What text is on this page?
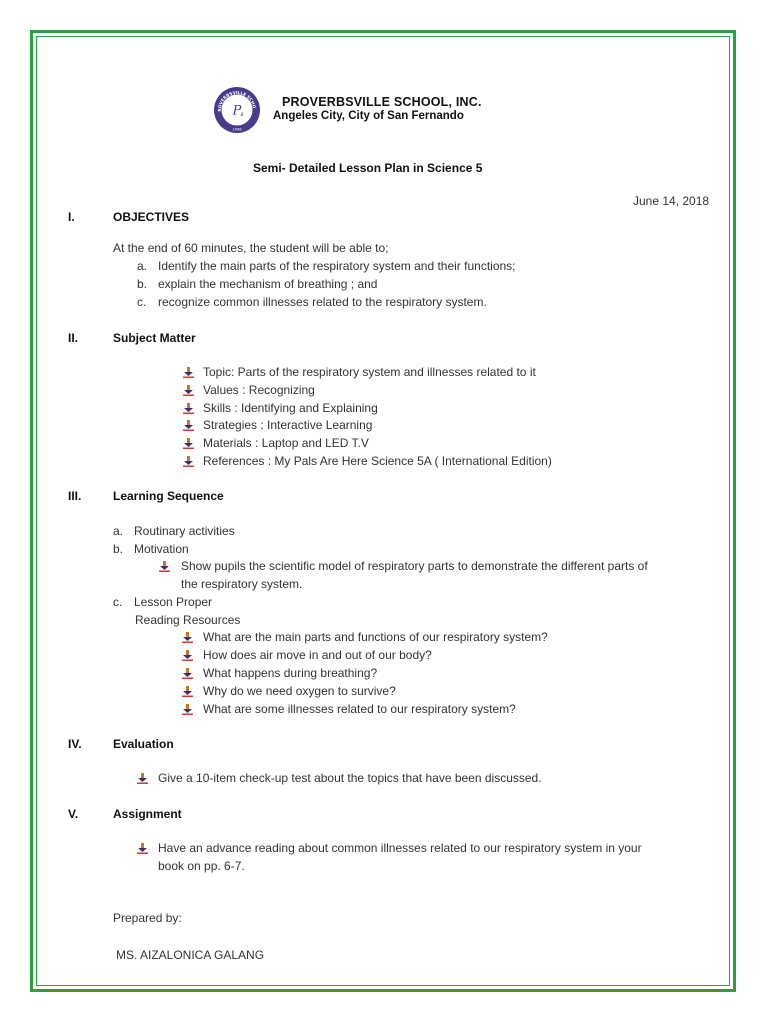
ROVERBSVILLE SCHO
1996
P s
PROVERBSVILLE SCHOOL, INC.
Angeles City, City of San Fernando
Semi- Detailed Lesson Plan in Science 5
June 14, 2018
I.	OBJECTIVES
At the end of 60 minutes, the student will be able to;
a. Identify the main parts of the respiratory system and their functions;
b. explain the mechanism of breathing ; and
c. recognize common illnesses related to the respiratory system.
II.	Subject Matter
Topic: Parts of the respiratory system and illnesses related to it
Values : Recognizing
Skills : Identifying and Explaining
Strategies : Interactive Learning
Materials : Laptop and LED T.V
References : My Pals Are Here Science 5A ( International Edition)
III.	Learning Sequence
a. Routinary activities
b. Motivation
Show pupils the scientific model of respiratory parts to demonstrate the different parts of
the respiratory system.
c. Lesson Proper
Reading Resources
What are the main parts and functions of our respiratory system?
How does air move in and out of our body?
What happens during breathing?
Why do we need oxygen to survive?
What are some illnesses related to our respiratory system?
IV.	Evaluation
Give a 10-item check-up test about the topics that have been discussed.
V.	Assignment
Have an advance reading about common illnesses related to our respiratory system in your
book on pp. 6-7.
Prepared by:
MS. AIZALONICA GALANG
